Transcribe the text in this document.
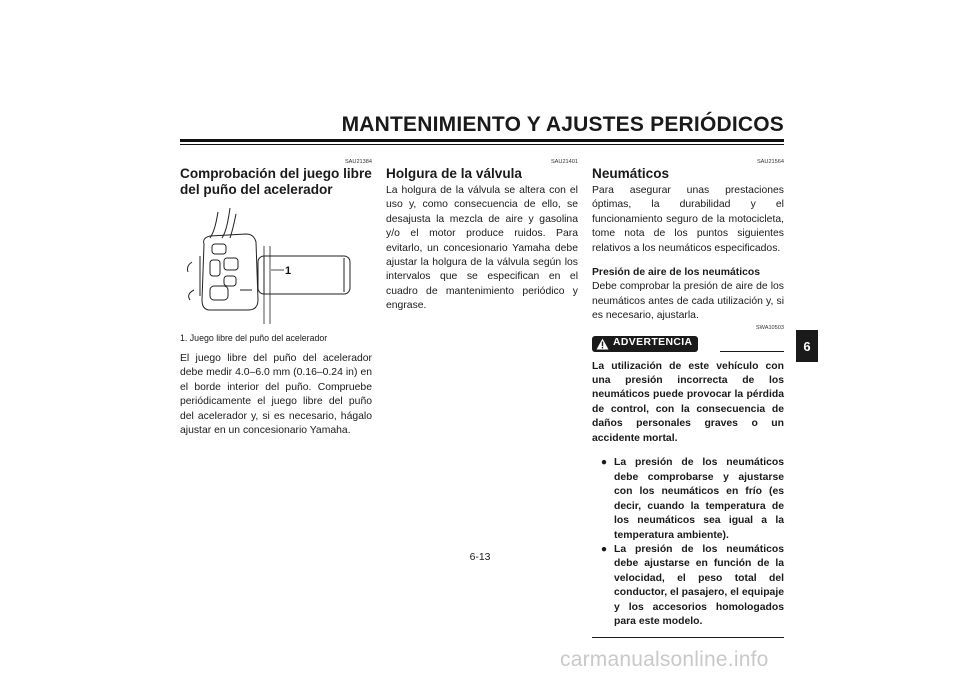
MANTENIMIENTO Y AJUSTES PERIÓDICOS
SAU21384
Comprobación del juego libre del puño del acelerador
1
1. Juego libre del puño del acelerador

El juego libre del puño del acelerador debe medir 4.0–6.0 mm (0.16–0.24 in) en el borde interior del puño. Compruebe periódicamente el juego libre del puño del acelerador y, si es necesario, hágalo ajustar en un concesionario Yamaha.

SAU21401
Holgura de la válvula

La holgura de la válvula se altera con el uso y, como consecuencia de ello, se desajusta la mezcla de aire y gasolina y/o el motor produce ruidos. Para evitarlo, un concesionario Yamaha debe ajustar la holgura de la válvula según los intervalos que se especifican en el cuadro de mantenimiento periódico y engrase.

SAU21564
Neumáticos

Para asegurar unas prestaciones óptimas, la durabilidad y el funcionamiento seguro de la motocicleta, tome nota de los puntos siguientes relativos a los neumáticos especificados.

Presión de aire de los neumáticos

Debe comprobar la presión de aire de los neumáticos antes de cada utilización y, si es necesario, ajustarla.

SWA10503
ADVERTENCIA

La utilización de este vehículo con una presión incorrecta de los neumáticos puede provocar la pérdida de control, con la consecuencia de daños personales graves o un accidente mortal.

● La presión de los neumáticos debe comprobarse y ajustarse con los neumáticos en frío (es decir, cuando la temperatura de los neumáticos sea igual a la temperatura ambiente).
● La presión de los neumáticos debe ajustarse en función de la velocidad, el peso total del conductor, el pasajero, el equipaje y los accesorios homologados para este modelo.
6
6-13
carmanualsonline.info
